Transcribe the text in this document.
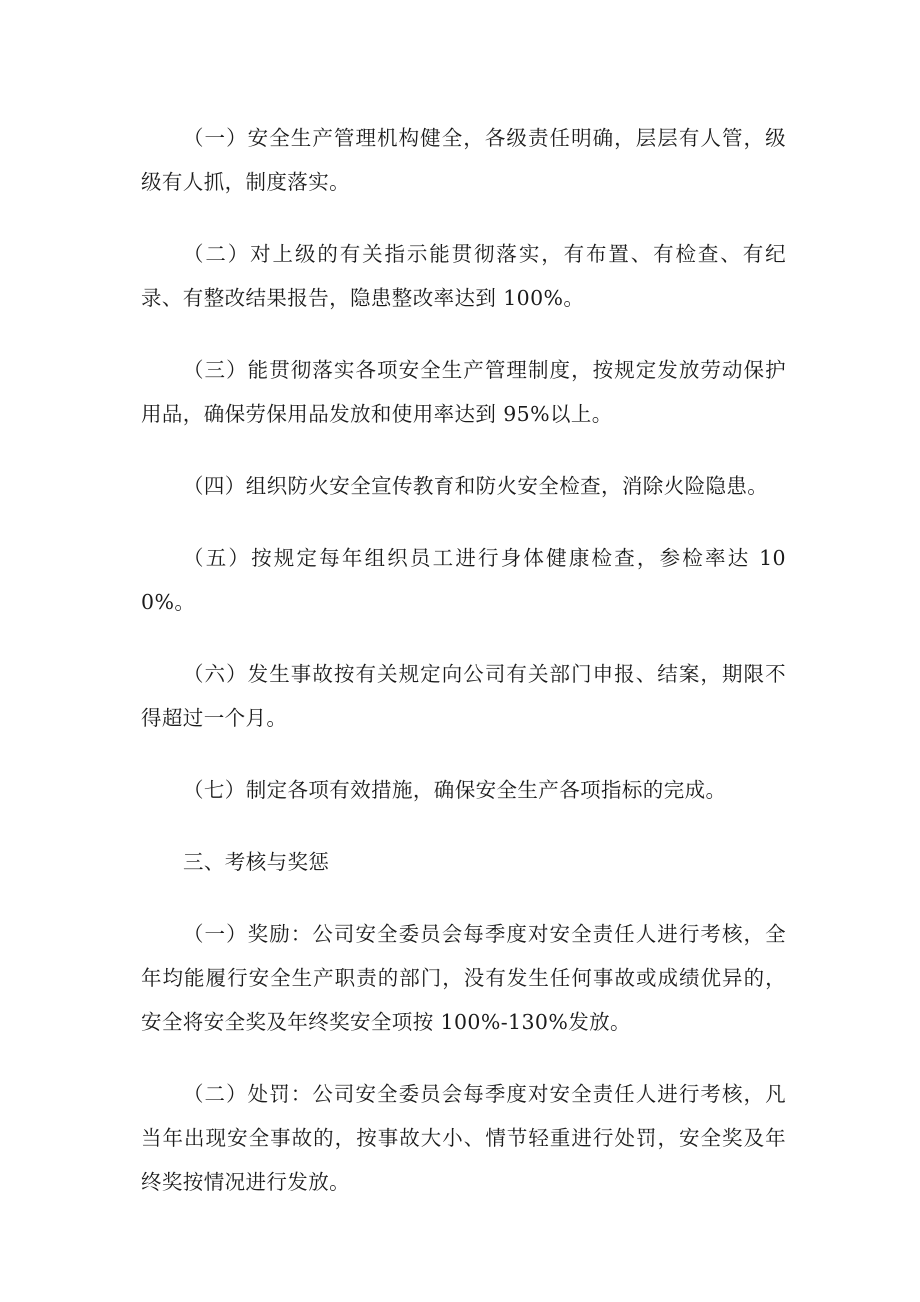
（一）安全生产管理机构健全，各级责任明确，层层有人管，级级有人抓，制度落实。

（二）对上级的有关指示能贯彻落实，有布置、有检查、有纪录、有整改结果报告，隐患整改率达到 100%。

（三）能贯彻落实各项安全生产管理制度，按规定发放劳动保护用品，确保劳保用品发放和使用率达到 95%以上。

（四）组织防火安全宣传教育和防火安全检查，消除火险隐患。

（五）按规定每年组织员工进行身体健康检查，参检率达 100%。

（六）发生事故按有关规定向公司有关部门申报、结案，期限不得超过一个月。

（七）制定各项有效措施，确保安全生产各项指标的完成。

三、考核与奖惩

（一）奖励：公司安全委员会每季度对安全责任人进行考核，全年均能履行安全生产职责的部门，没有发生任何事故或成绩优异的，安全将安全奖及年终奖安全项按 100%-130%发放。

（二）处罚：公司安全委员会每季度对安全责任人进行考核，凡当年出现安全事故的，按事故大小、情节轻重进行处罚，安全奖及年终奖按情况进行发放。
